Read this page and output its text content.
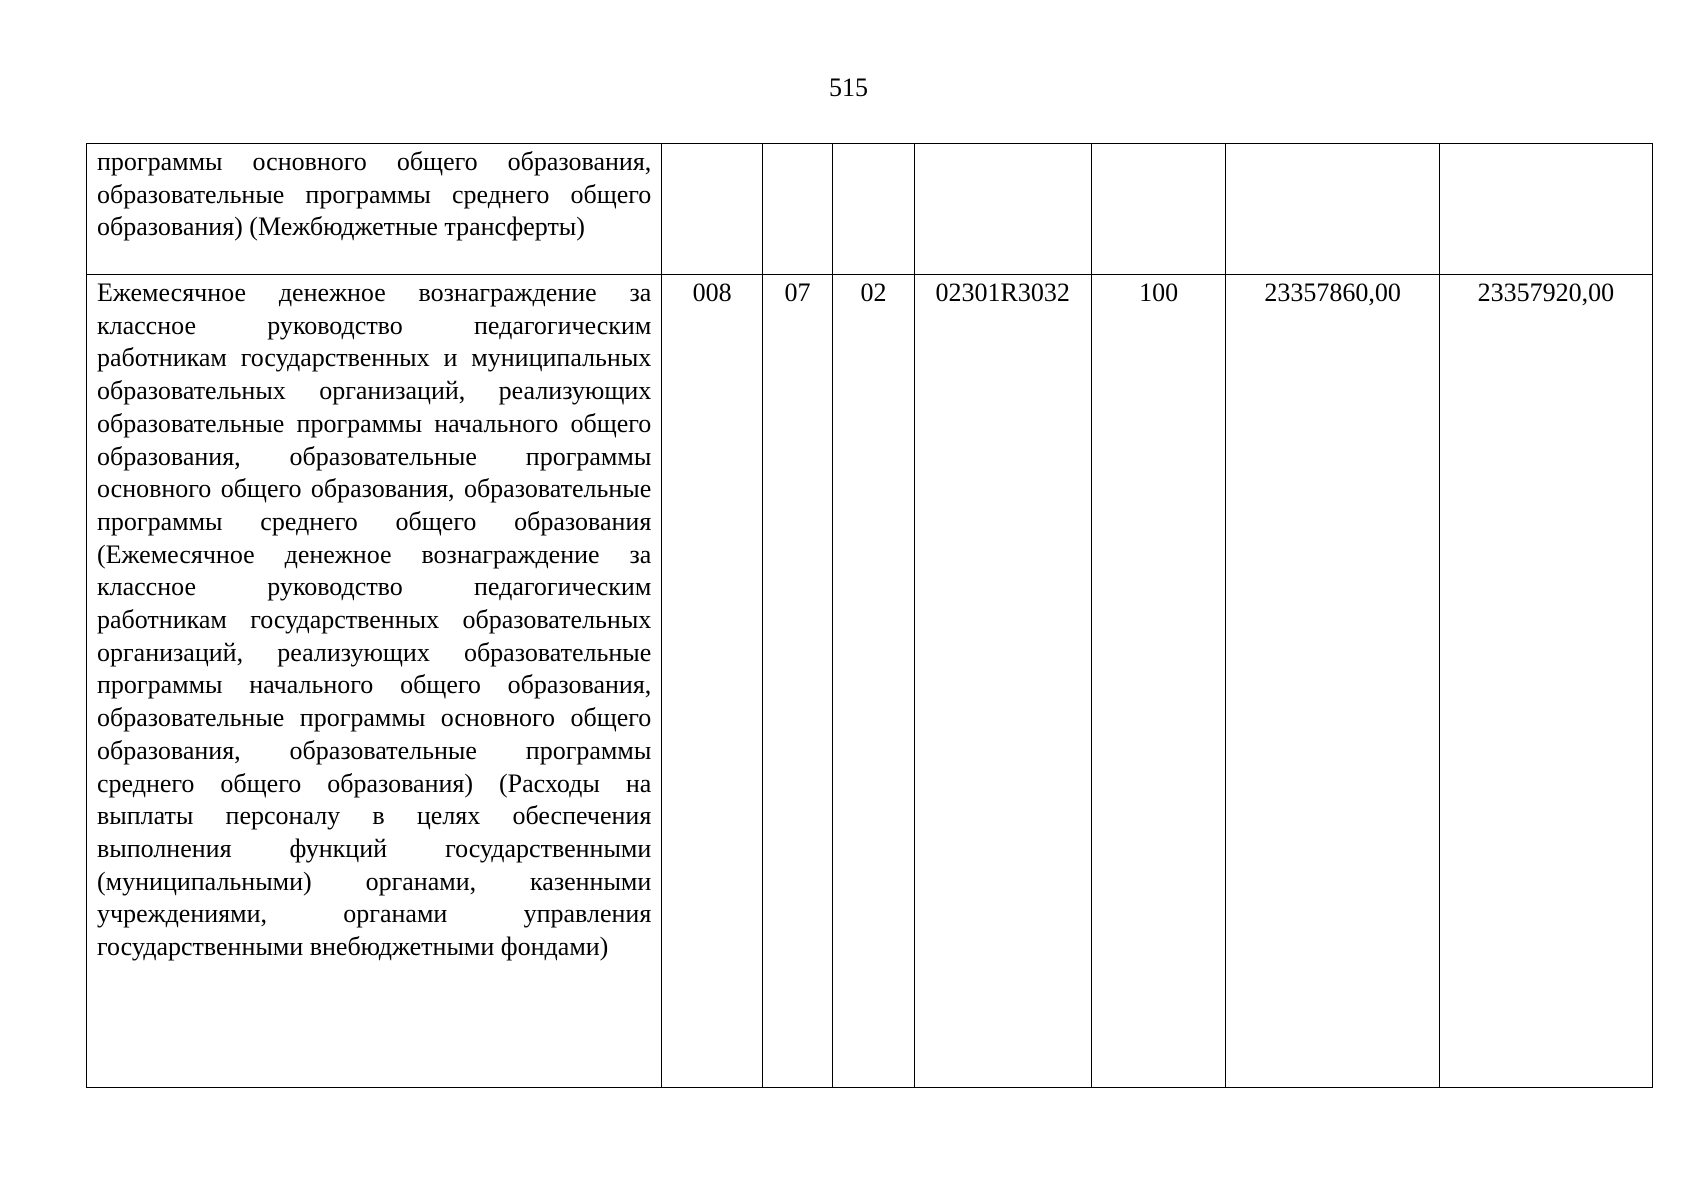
515
программы основного общего образования, образовательные программы среднего общего образования) (Межбюджетные трансферты)							
Ежемесячное денежное вознаграждение за классное руководство педагогическим работникам государственных и муниципальных образовательных организаций, реализующих образовательные программы начального общего образования, образовательные программы основного общего образования, образовательные программы среднего общего образования (Ежемесячное денежное вознаграждение за классное руководство педагогическим работникам государственных образовательных организаций, реализующих образовательные программы начального общего образования, образовательные программы основного общего образования, образовательные программы среднего общего образования) (Расходы на выплаты персоналу в целях обеспечения выполнения функций государственными (муниципальными) органами, казенными учреждениями, органами управления государственными внебюджетными фондами)	008	07	02	02301R3032	100	23357860,00	23357920,00
